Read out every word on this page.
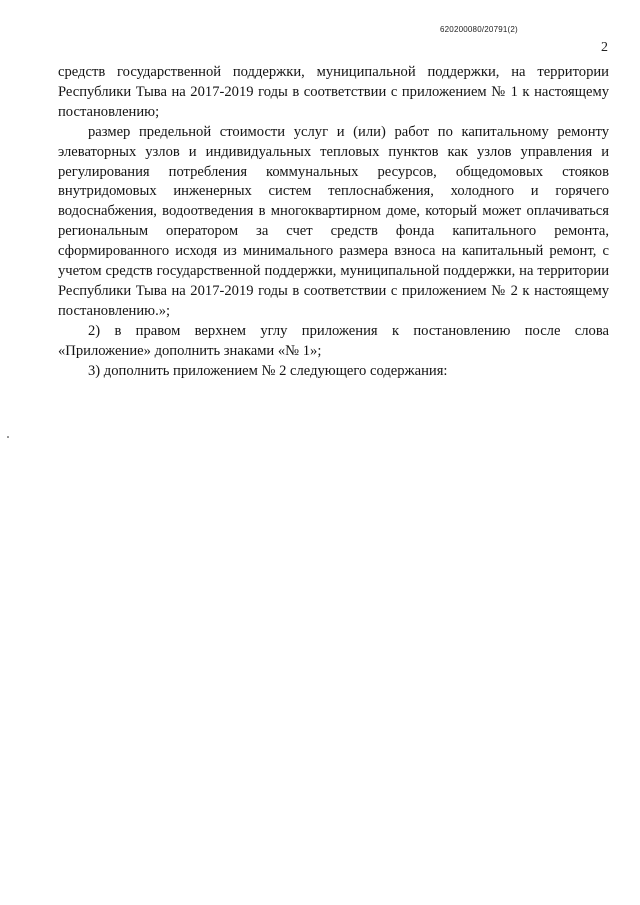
620200080/20791(2)
2

средств государственной поддержки, муниципальной поддержки, на территории Республики Тыва на 2017-2019 годы в соответствии с приложением № 1 к настоящему постановлению;

размер предельной стоимости услуг и (или) работ по капитальному ремонту элеваторных узлов и индивидуальных тепловых пунктов как узлов управления и регулирования потребления коммунальных ресурсов, общедомовых стояков внутридомовых инженерных систем теплоснабжения, холодного и горячего водоснабжения, водоотведения в многоквартирном доме, который может оплачиваться региональным оператором за счет средств фонда капитального ремонта, сформированного исходя из минимального размера взноса на капитальный ремонт, с учетом средств государственной поддержки, муниципальной поддержки, на территории Республики Тыва на 2017-2019 годы в соответствии с приложением № 2 к настоящему постановлению.»;

2) в правом верхнем углу приложения к постановлению после слова «Приложение» дополнить знаками «№ 1»;

3) дополнить приложением № 2 следующего содержания:
